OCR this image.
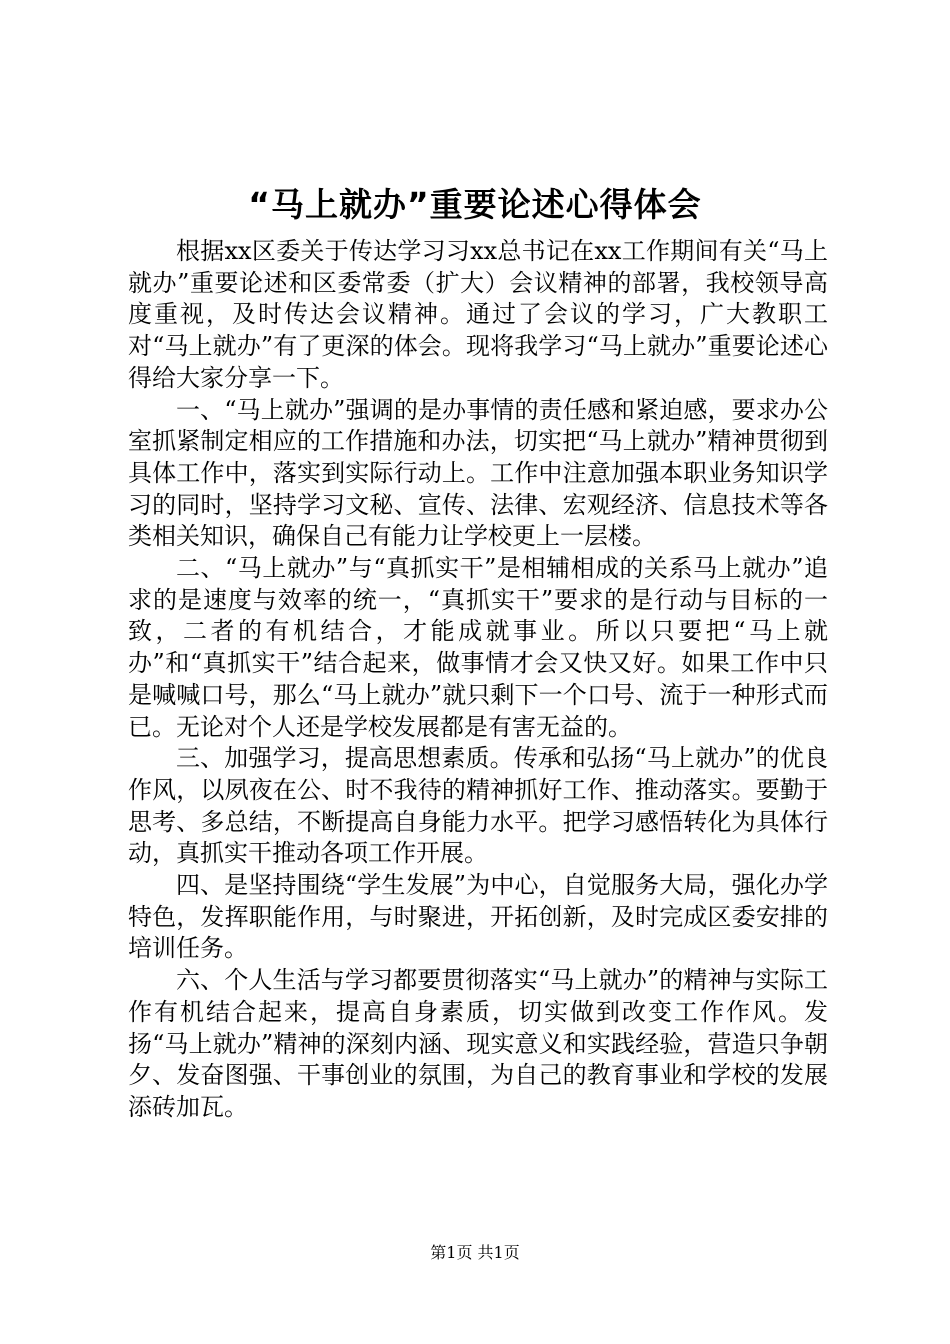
“马上就办”重要论述心得体会

根据xx区委关于传达学习习xx总书记在xx工作期间有关“马上就办”重要论述和区委常委（扩大）会议精神的部署，我校领导高度重视，及时传达会议精神。通过了会议的学习，广大教职工对“马上就办”有了更深的体会。现将我学习“马上就办”重要论述心得给大家分享一下。

一、“马上就办”强调的是办事情的责任感和紧迫感，要求办公室抓紧制定相应的工作措施和办法，切实把“马上就办”精神贯彻到具体工作中，落实到实际行动上。工作中注意加强本职业务知识学习的同时，坚持学习文秘、宣传、法律、宏观经济、信息技术等各类相关知识，确保自己有能力让学校更上一层楼。

二、“马上就办”与“真抓实干”是相辅相成的关系马上就办”追求的是速度与效率的统一，“真抓实干”要求的是行动与目标的一致，二者的有机结合，才能成就事业。所以只要把“马上就办”和“真抓实干”结合起来，做事情才会又快又好。如果工作中只是喊喊口号，那么“马上就办”就只剩下一个口号、流于一种形式而已。无论对个人还是学校发展都是有害无益的。

三、加强学习，提高思想素质。传承和弘扬“马上就办”的优良作风，以夙夜在公、时不我待的精神抓好工作、推动落实。要勤于思考、多总结，不断提高自身能力水平。把学习感悟转化为具体行动，真抓实干推动各项工作开展。

四、是坚持围绕“学生发展”为中心，自觉服务大局，强化办学特色，发挥职能作用，与时聚进，开拓创新，及时完成区委安排的培训任务。

六、个人生活与学习都要贯彻落实“马上就办”的精神与实际工作有机结合起来，提高自身素质，切实做到改变工作作风。发扬“马上就办”精神的深刻内涵、现实意义和实践经验，营造只争朝夕、发奋图强、干事创业的氛围，为自己的教育事业和学校的发展添砖加瓦。

第1页 共1页
